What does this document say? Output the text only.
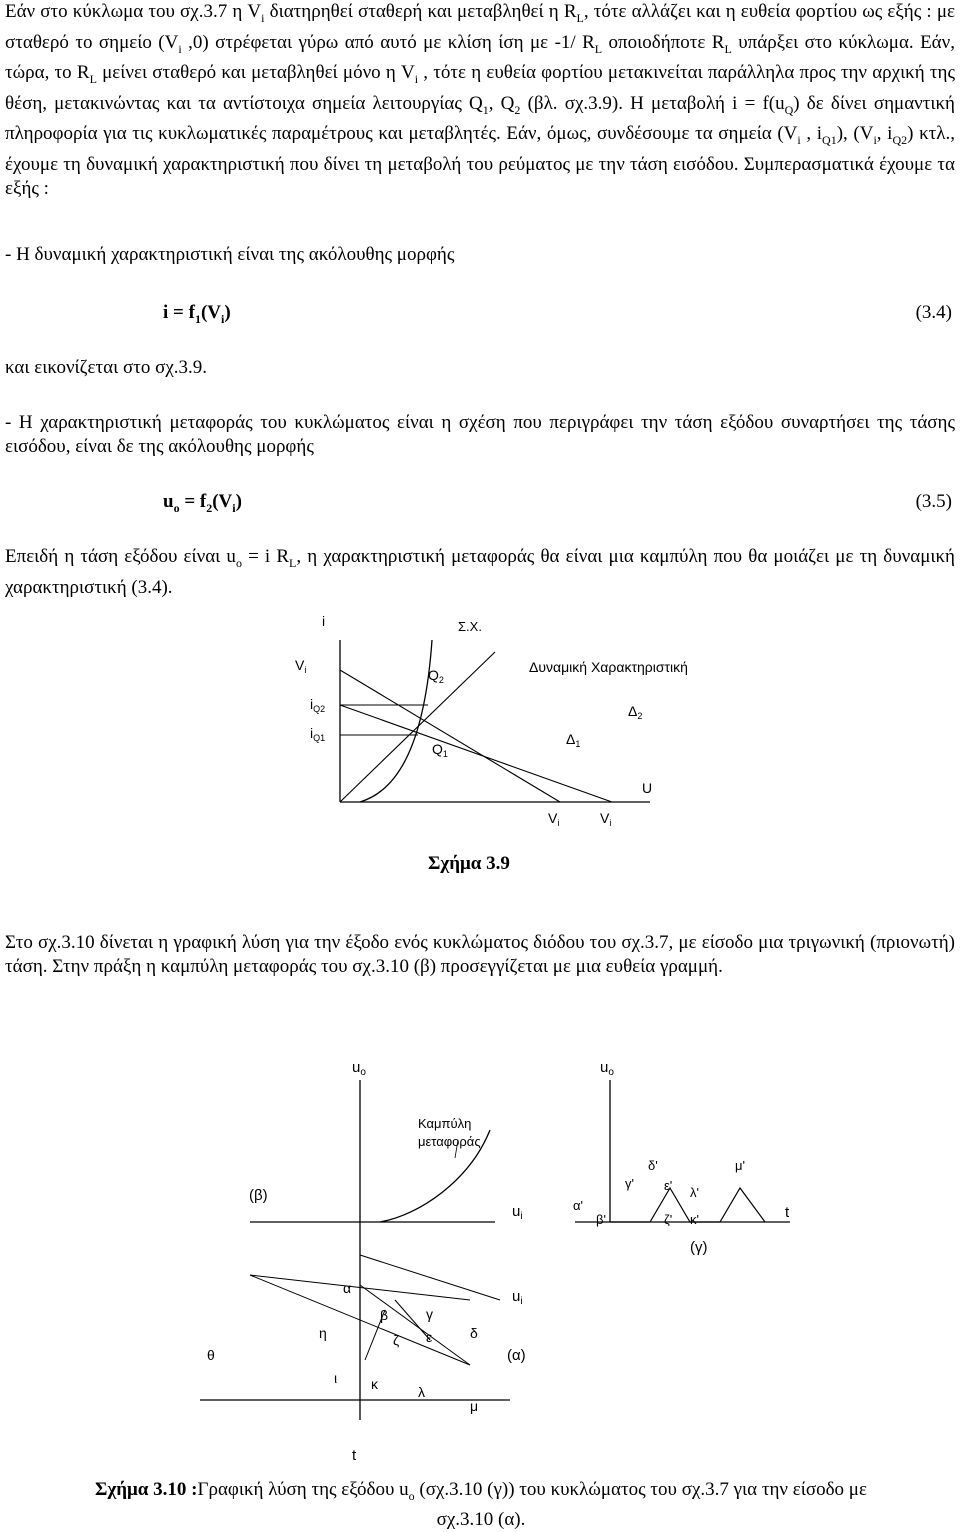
Εάν στο κύκλωμα του σχ.3.7 η $V_i$ διατηρηθεί σταθερή και μεταβληθεί η $R_L$, τότε αλλάζει και η ευθεία φορτίου ως εξής : με σταθερό το σημείο ($V_i$ ,0) στρέφεται γύρω από αυτό με κλίση ίση με -1/ $R_L$ οποιοδήποτε $R_L$ υπάρξει στο κύκλωμα. Εάν, τώρα, το $R_L$ μείνει σταθερό και μεταβληθεί μόνο η $V_i$ , τότε η ευθεία φορτίου μετακινείται παράλληλα προς την αρχική της θέση, μετακινώντας και τα αντίστοιχα σημεία λειτουργίας $Q_1$, $Q_2$ (βλ. σχ.3.9). Η μεταβολή $i = f(u_Q)$ δε δίνει σημαντική πληροφορία για τις κυκλωματικές παραμέτρους και μεταβλητές. Εάν, όμως, συνδέσουμε τα σημεία ($V_i$ , $i_{Q1}$), ($V_i$, $i_{Q2}$) κτλ., έχουμε τη δυναμική χαρακτηριστική που δίνει τη μεταβολή του ρεύματος με την τάση εισόδου. Συμπερασματικά έχουμε τα εξής :
- Η δυναμική χαρακτηριστική είναι της ακόλουθης μορφής
$i = f_1(V_i)$	(3.4)
και εικονίζεται στο σχ.3.9.
- Η χαρακτηριστική μεταφοράς του κυκλώματος είναι η σχέση που περιγράφει την τάση εξόδου συναρτήσει της τάσης εισόδου, είναι δε της ακόλουθης μορφής
$u_o = f_2(V_i)$	(3.5)
Επειδή η τάση εξόδου είναι $u_o = i$ $R_L$, η χαρακτηριστική μεταφοράς θα είναι μια καμπύλη που θα μοιάζει με τη δυναμική χαρακτηριστική (3.4).
i	Σ.Χ.
$V_i$	$Q_2$
Δυναμική Χαρακτηριστική
$i_{Q2}$
$i_{Q1}$
$\Delta_2$
$\Delta_1$
$Q_1$
U
$V_i$	$V_i$
Σχήμα 3.9
Στο σχ.3.10 δίνεται η γραφική λύση για την έξοδο ενός κυκλώματος διόδου του σχ.3.7, με είσοδο μια τριγωνική (πριονωτή) τάση. Στην πράξη η καμπύλη μεταφοράς του σχ.3.10 (β) προσεγγίζεται με μια ευθεία γραμμή.
$u_o$	$u_o$
Καμπύλη
μεταφοράς
(β)
$u_i$
α'
β'
γ'
δ'
ε'
ζ' κ'
λ'
μ'
t
(γ)
α
β	γ
$u_i$
η	ζ ε	δ
(α)
θ
ι κ	λ
μ
t
Σχήμα 3.10 :Γραφική λύση της εξόδου $u_o$ (σχ.3.10 (γ)) του κυκλώματος του σχ.3.7 για την είσοδο με
σχ.3.10 (α).
